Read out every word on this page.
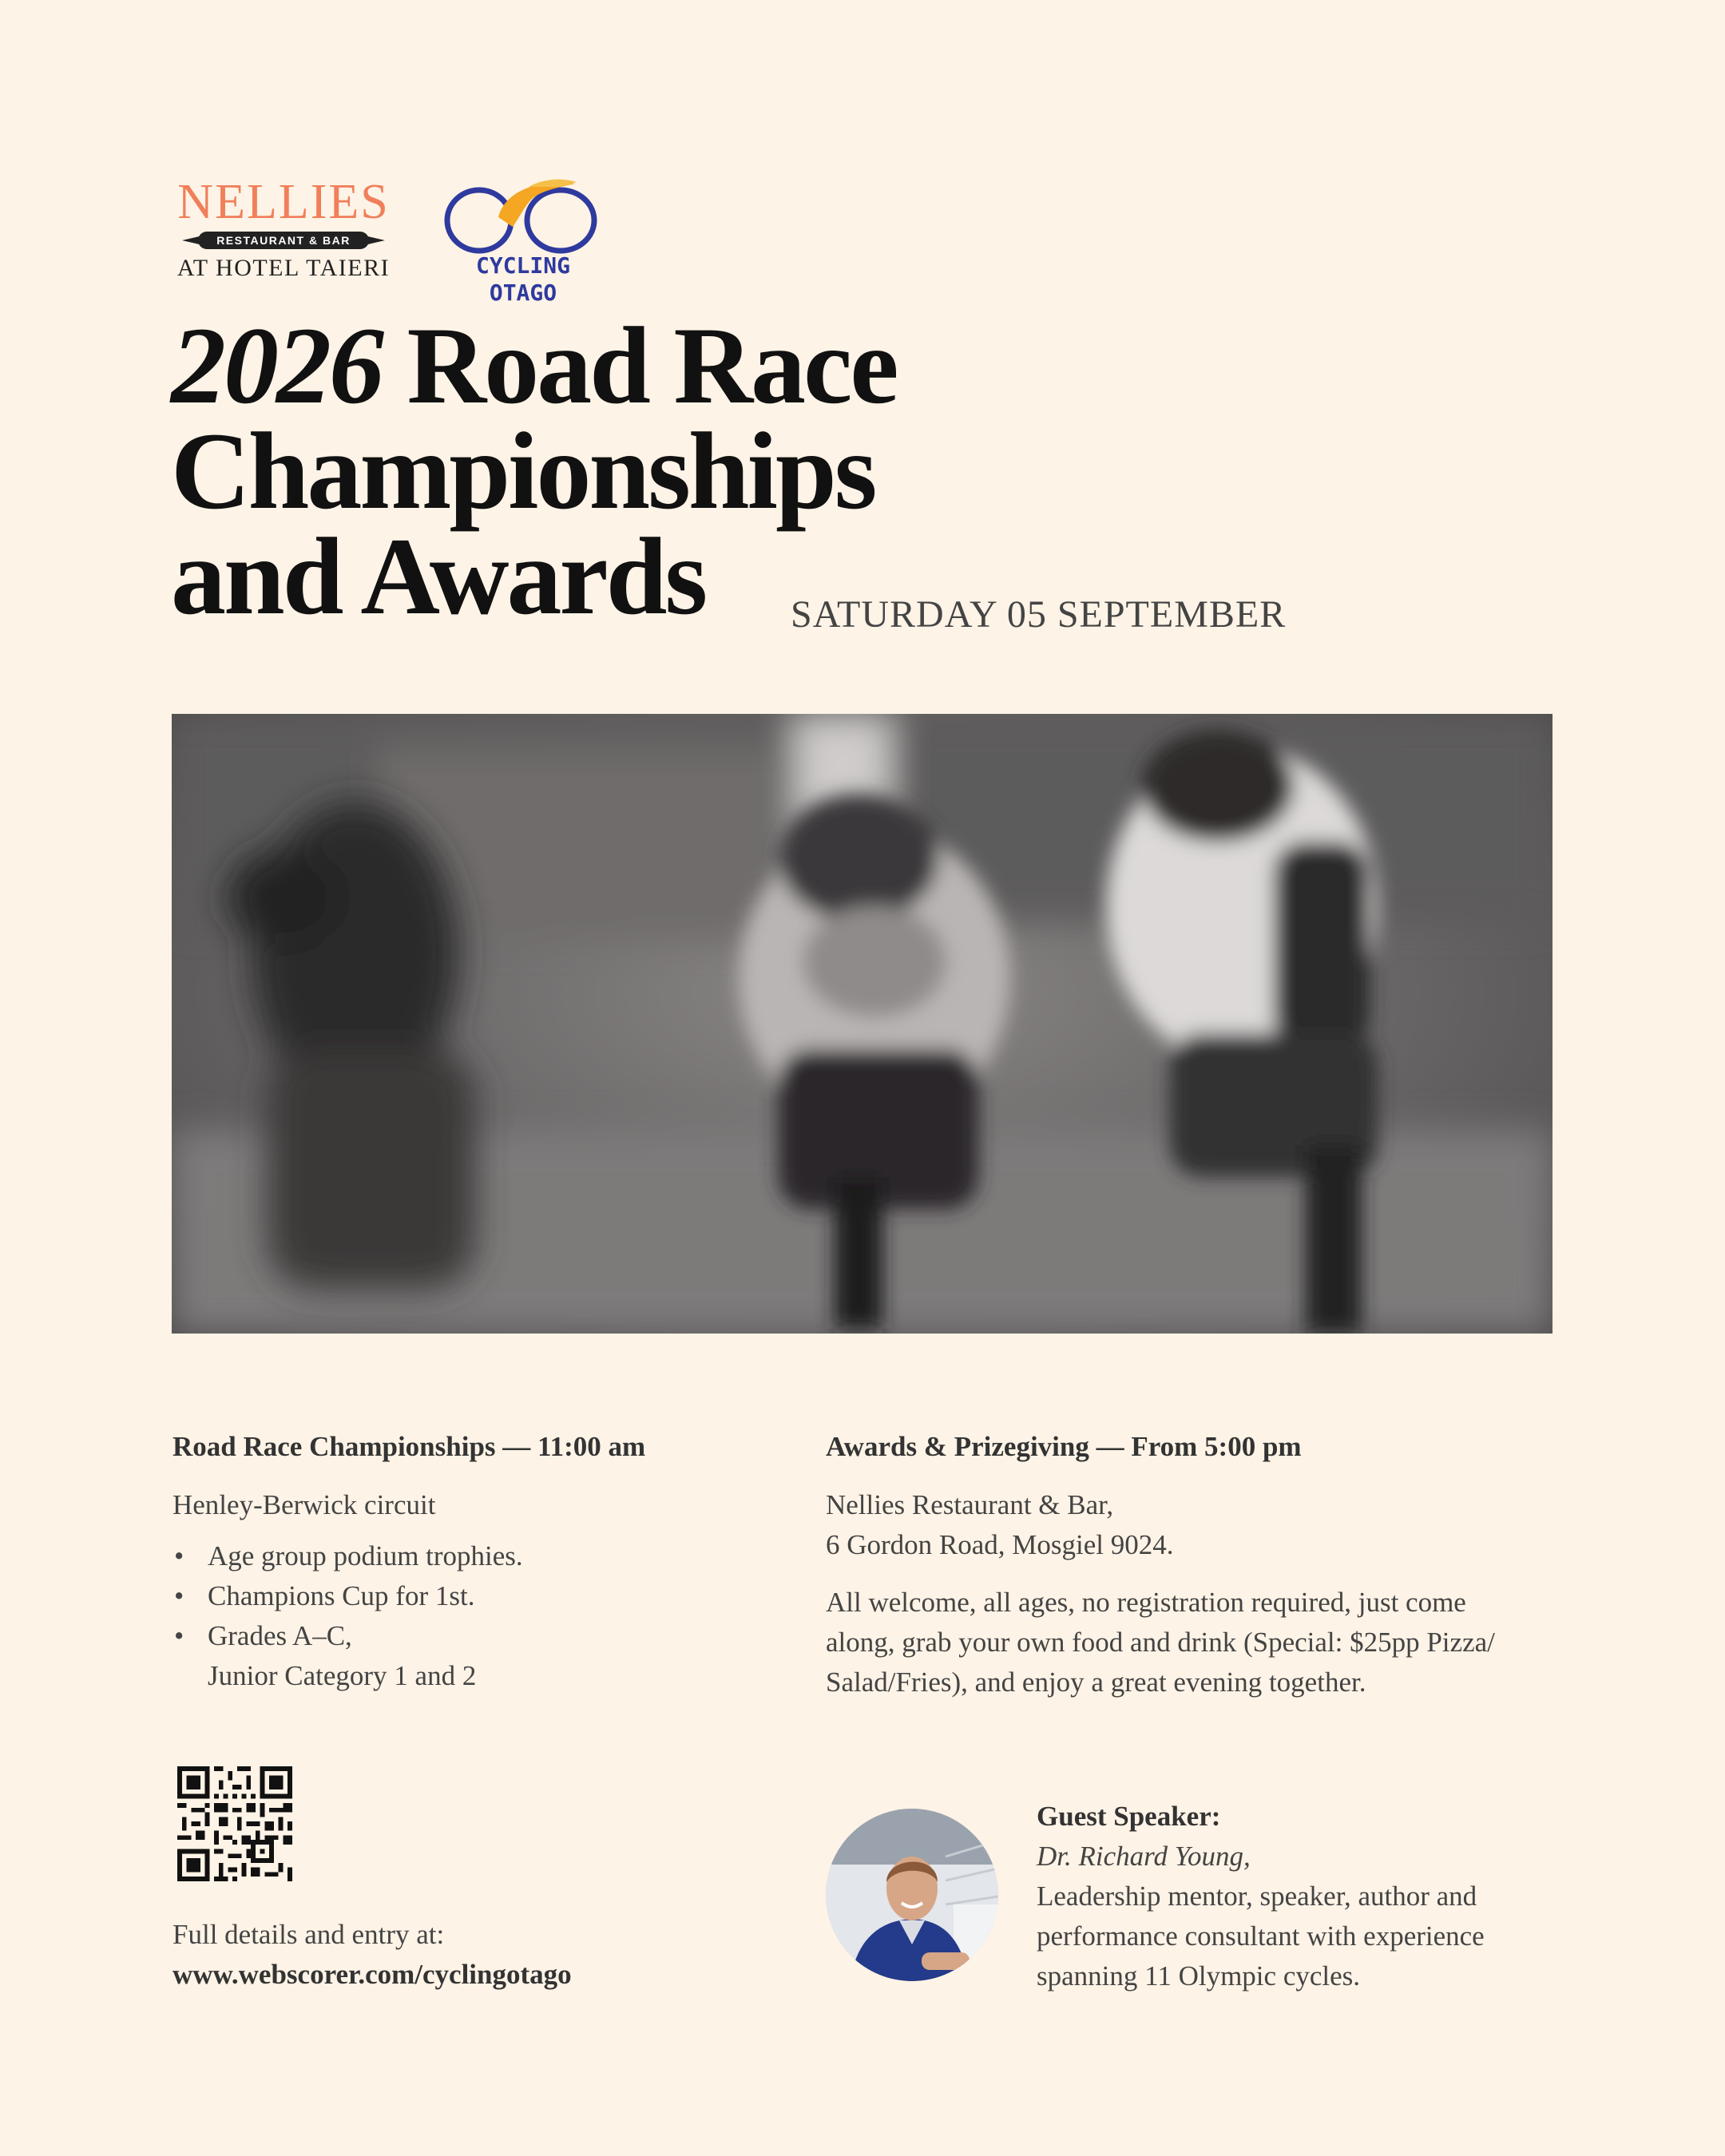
NELLIES
RESTAURANT & BAR
AT HOTEL TAIERI	CYCLING OTAGO
2026 Road Race
Championships
and Awards	SATURDAY 05 SEPTEMBER
Road Race Championships — 11:00 am
Henley-Berwick circuit
• Age group podium trophies.
• Champions Cup for 1st.
• Grades A–C,
Junior Category 1 and 2
Awards & Prizegiving — From 5:00 pm
Nellies Restaurant & Bar,
6 Gordon Road, Mosgiel 9024.
All welcome, all ages, no registration required, just come
along, grab your own food and drink (Special: $25pp Pizza/
Salad/Fries), and enjoy a great evening together.
Full details and entry at:
www.webscorer.com/cyclingotago
Guest Speaker:
Dr. Richard Young,
Leadership mentor, speaker, author and
performance consultant with experience
spanning 11 Olympic cycles.
